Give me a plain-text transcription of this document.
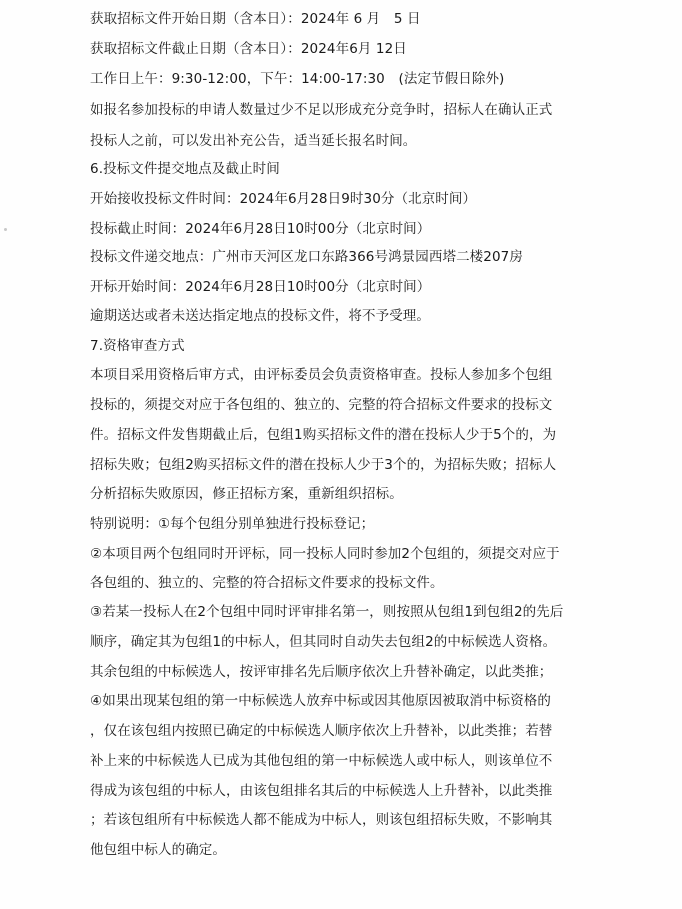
获取招标文件开始日期（含本日）：2024年 6 月　5 日
获取招标文件截止日期（含本日）：2024年6月 12日
工作日上午：9:30-12:00，下午：14:00-17:30　(法定节假日除外)
如报名参加投标的申请人数量过少不足以形成充分竞争时，招标人在确认正式
投标人之前，可以发出补充公告，适当延长报名时间。
6.投标文件提交地点及截止时间
开始接收投标文件时间：2024年6月28日9时30分（北京时间）
投标截止时间：2024年6月28日10时00分（北京时间）
投标文件递交地点：广州市天河区龙口东路366号鸿景园西塔二楼207房
开标开始时间：2024年6月28日10时00分（北京时间）
逾期送达或者未送达指定地点的投标文件，将不予受理。
7.资格审查方式
本项目采用资格后审方式，由评标委员会负责资格审查。投标人参加多个包组
投标的，须提交对应于各包组的、独立的、完整的符合招标文件要求的投标文
件。招标文件发售期截止后，包组1购买招标文件的潜在投标人少于5个的，为
招标失败；包组2购买招标文件的潜在投标人少于3个的，为招标失败；招标人
分析招标失败原因，修正招标方案，重新组织招标。
特别说明：①每个包组分别单独进行投标登记；
②本项目两个包组同时开评标，同一投标人同时参加2个包组的，须提交对应于
各包组的、独立的、完整的符合招标文件要求的投标文件。
③若某一投标人在2个包组中同时评审排名第一，则按照从包组1到包组2的先后
顺序，确定其为包组1的中标人，但其同时自动失去包组2的中标候选人资格。
其余包组的中标候选人，按评审排名先后顺序依次上升替补确定，以此类推；
④如果出现某包组的第一中标候选人放弃中标或因其他原因被取消中标资格的
，仅在该包组内按照已确定的中标候选人顺序依次上升替补，以此类推；若替
补上来的中标候选人已成为其他包组的第一中标候选人或中标人，则该单位不
得成为该包组的中标人，由该包组排名其后的中标候选人上升替补，以此类推
；若该包组所有中标候选人都不能成为中标人，则该包组招标失败，不影响其
他包组中标人的确定。
